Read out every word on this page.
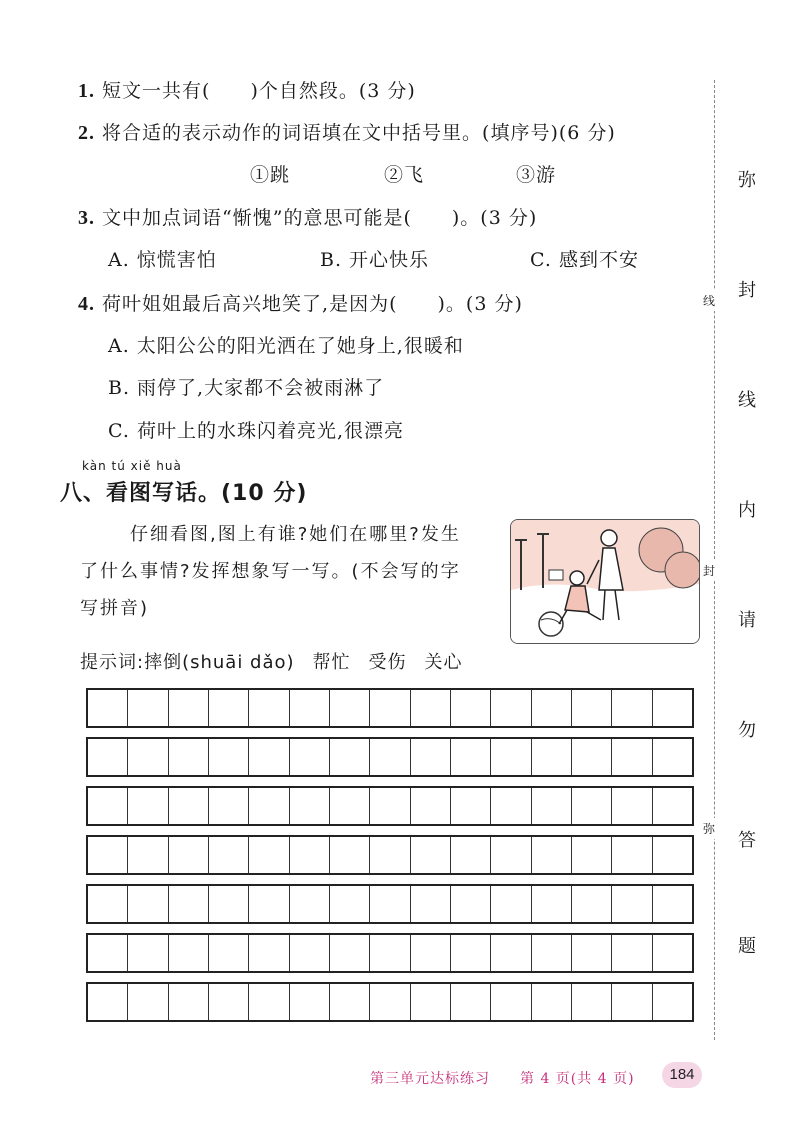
1. 短文一共有(　　)个自然段。(3 分)
2. 将合适的表示动作的词语填在文中括号里。(填序号)(6 分)
①跳	②飞	③游
3. 文中加点词语“惭愧”的意思可能是(　　)。(3 分)
A. 惊慌害怕	B. 开心快乐	C. 感到不安
4. 荷叶姐姐最后高兴地笑了,是因为(　　)。(3 分)
A. 太阳公公的阳光洒在了她身上,很暖和
B. 雨停了,大家都不会被雨淋了
C. 荷叶上的水珠闪着亮光,很漂亮
kàn tú xiě huà
八、看图写话。(10 分)
仔细看图,图上有谁?她们在哪里?发生了什么事情?发挥想象写一写。(不会写的字写拼音)
提示词:摔倒(shuāi dǎo) 帮忙 受伤 关心
线
封
弥
弥
封
线
内
请
勿
答
题
第三单元达标练习 第 4 页(共 4 页)	184
